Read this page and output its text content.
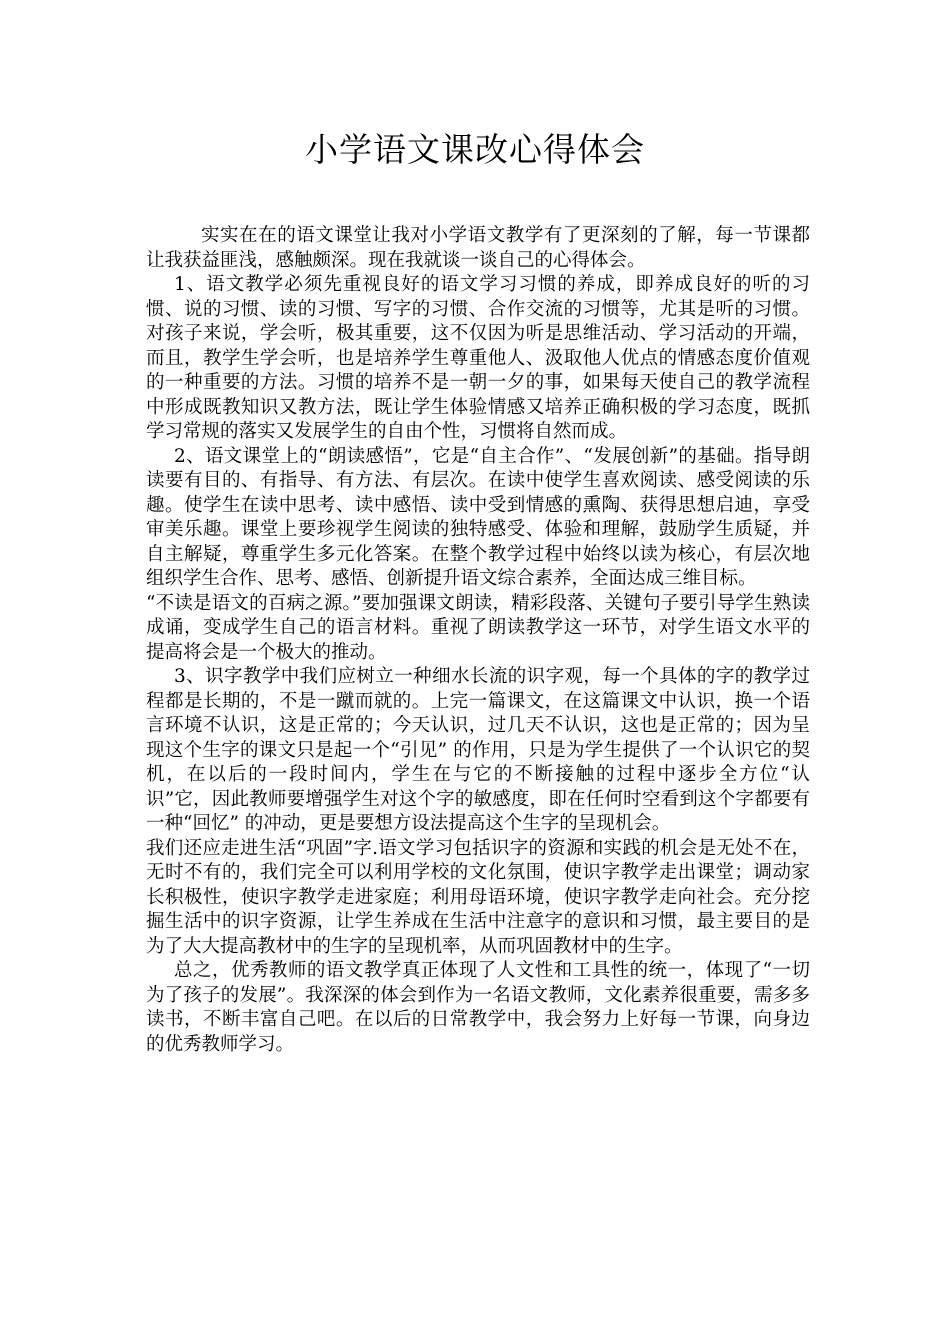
小学语文课改心得体会

实实在在的语文课堂让我对小学语文教学有了更深刻的了解，每一节课都让我获益匪浅，感触颇深。现在我就谈一谈自己的心得体会。

1、语文教学必须先重视良好的语文学习习惯的养成，即养成良好的听的习惯、说的习惯、读的习惯、写字的习惯、合作交流的习惯等，尤其是听的习惯。对孩子来说，学会听，极其重要，这不仅因为听是思维活动、学习活动的开端，而且，教学生学会听，也是培养学生尊重他人、汲取他人优点的情感态度价值观的一种重要的方法。习惯的培养不是一朝一夕的事，如果每天使自己的教学流程中形成既教知识又教方法，既让学生体验情感又培养正确积极的学习态度，既抓学习常规的落实又发展学生的自由个性，习惯将自然而成。

2、语文课堂上的“朗读感悟”，它是“自主合作”、“发展创新”的基础。指导朗读要有目的、有指导、有方法、有层次。在读中使学生喜欢阅读、感受阅读的乐趣。使学生在读中思考、读中感悟、读中受到情感的熏陶、获得思想启迪，享受审美乐趣。课堂上要珍视学生阅读的独特感受、体验和理解，鼓励学生质疑，并自主解疑，尊重学生多元化答案。在整个教学过程中始终以读为核心，有层次地组织学生合作、思考、感悟、创新提升语文综合素养，全面达成三维目标。

“不读是语文的百病之源。”要加强课文朗读，精彩段落、关键句子要引导学生熟读成诵，变成学生自己的语言材料。重视了朗读教学这一环节，对学生语文水平的提高将会是一个极大的推动。

3、识字教学中我们应树立一种细水长流的识字观，每一个具体的字的教学过程都是长期的，不是一蹴而就的。上完一篇课文，在这篇课文中认识，换一个语言环境不认识，这是正常的；今天认识，过几天不认识，这也是正常的；因为呈现这个生字的课文只是起一个“引见” 的作用，只是为学生提供了一个认识它的契机，在以后的一段时间内，学生在与它的不断接触的过程中逐步全方位“认识”它，因此教师要增强学生对这个字的敏感度，即在任何时空看到这个字都要有一种“回忆” 的冲动，更是要想方设法提高这个生字的呈现机会。

我们还应走进生活“巩固”字.语文学习包括识字的资源和实践的机会是无处不在，无时不有的，我们完全可以利用学校的文化氛围，使识字教学走出课堂；调动家长积极性，使识字教学走进家庭；利用母语环境，使识字教学走向社会。充分挖掘生活中的识字资源，让学生养成在生活中注意字的意识和习惯，最主要目的是为了大大提高教材中的生字的呈现机率，从而巩固教材中的生字。

总之，优秀教师的语文教学真正体现了人文性和工具性的统一，体现了“一切为了孩子的发展”。我深深的体会到作为一名语文教师，文化素养很重要，需多多读书，不断丰富自己吧。在以后的日常教学中，我会努力上好每一节课，向身边的优秀教师学习。
